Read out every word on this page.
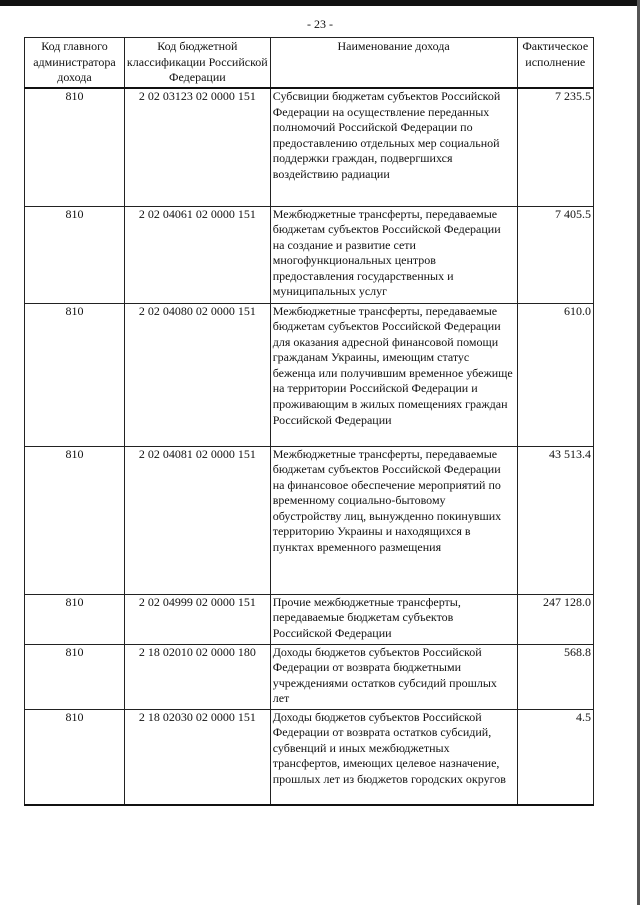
- 23 -
Код главного администратора дохода	Код бюджетной классификации Российской Федерации	Наименование дохода	Фактическое исполнение
810	2 02 03123 02 0000 151	Субсвиции бюджетам субъектов Российской Федерации на осуществление переданных полномочий Российской Федерации по предоставлению отдельных мер социальной поддержки граждан, подвергшихся воздействию радиации	7 235.5
810	2 02 04061 02 0000 151	Межбюджетные трансферты, передаваемые бюджетам субъектов Российской Федерации на создание и развитие сети многофункциональных центров предоставления государственных и муниципальных услуг	7 405.5
810	2 02 04080 02 0000 151	Межбюджетные трансферты, передаваемые бюджетам субъектов Российской Федерации для оказания адресной финансовой помощи гражданам Украины, имеющим статус беженца или получившим временное убежище на территории Российской Федерации и проживающим в жилых помещениях граждан Российской Федерации	610.0
810	2 02 04081 02 0000 151	Межбюджетные трансферты, передаваемые бюджетам субъектов Российской Федерации на финансовое обеспечение мероприятий по временному социально-бытовому обустройству лиц, вынужденно покинувших территорию Украины и находящихся в пунктах временного размещения	43 513.4
810	2 02 04999 02 0000 151	Прочие межбюджетные трансферты, передаваемые бюджетам субъектов Российской Федерации	247 128.0
810	2 18 02010 02 0000 180	Доходы бюджетов субъектов Российской Федерации от возврата бюджетными учреждениями остатков субсидий прошлых лет	568.8
810	2 18 02030 02 0000 151	Доходы бюджетов субъектов Российской Федерации от возврата остатков субсидий, субвенций и иных межбюджетных трансфертов, имеющих целевое назначение, прошлых лет из бюджетов городских округов	4.5
